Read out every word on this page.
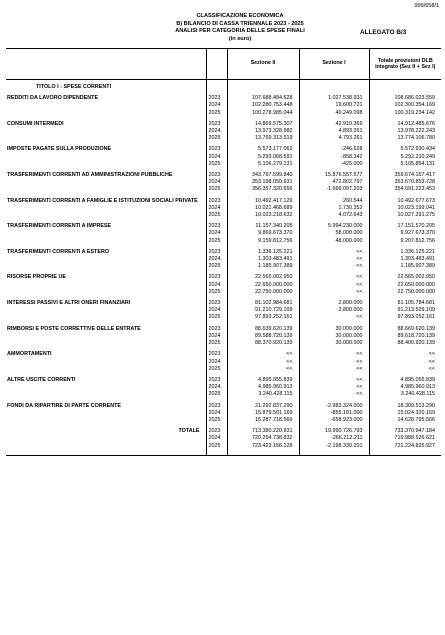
999/658/1
CLASSIFICAZIONE ECONOMICA
B) BILANCIO DI CASSA TRIENNALE 2023 - 2025
ANALISI PER CATEGORIA DELLE SPESE FINALI
(in euro)
ALLEGATO B/3
		Sezione II	Sezione I	Totale previsioni DLB integrato (Sez II + Sez I)

TITOLO I - SPESE CORRENTI				

REDDITI DA LAVORO DIPENDENTE	2023	107.688.484.628	1.027.538.931	108.686.023.559
	2024	102.280.753.448	19.600.721	102.300.354.169
	2025	100.278.985.044	40.249.098	100.319.234.142

CONSUMI INTERMEDI	2023	14.869.575.307	42.910.369	14.912.485.676
	2024	13.973.328.982	4.893.261	13.978.222.243
	2025	13.769.313.519	4.793.261	13.774.106.780

IMPOSTE PAGATE SULLA PRODUZIONE	2023	5.573.177.062	-246.628	5.572.930.434
	2024	5.293.068.591	-858.342	5.292.210.249
	2025	5.106.279.131	-425.000	5.105.854.131

TRASFERIMENTI CORRENTI AD AMMINISTRAZIONI PUBBLICHE	2023	343.797.599.840	15.876.557.577	359.674.157.417
	2024	353.198.050.931	472.802.797	353.670.853.728
	2025	356.357.320.656	-1.666.097.203	354.691.223.453

TRASFERIMENTI CORRENTI A FAMIGLIE E ISTITUZIONI SOCIALI PRIVATE	2023	10.492.417.129	260.544	10.492.677.673
	2024	10.021.468.689	1.730.352	10.023.199.041
	2025	10.023.218.632	4.072.643	10.027.291.275

TRASFERIMENTI CORRENTI A IMPRESE	2023	11.157.340.205	5.994.230.000	17.151.570.205
	2024	9.869.673.370	58.000.000	9.927.673.370
	2025	9.159.812.756	48.000.000	9.207.812.756

TRASFERIMENTI CORRENTI A ESTERO	2023	1.336.125.221	<<	1.336.125.221
	2024	1.303.483.491	<<	1.303.483.491
	2025	1.185.907.389	<<	1.185.907.389

RISORSE PROPRIE UE	2023	22.565.002.950	<<	22.565.002.950
	2024	22.650.000.000	<<	22.650.000.000
	2025	22.750.000.000	<<	22.750.000.000

INTERESSI PASSIVI E ALTRI ONERI FINANZIARI	2023	81.102.984.681	2.800.000	81.105.784.681
	2024	91.210.729.109	2.800.000	91.213.529.109
	2025	97.893.252.161	<<	97.893.252.161

RIMBORSI E POSTE CORRETTIVE DELLE ENTRATE	2023	88.639.620.139	30.000.000	88.669.620.139
	2024	89.588.720.139	30.000.000	89.618.720.139
	2025	88.370.920.139	30.000.000	88.400.920.139

AMMORTAMENTI	2023	<<	<<	<<
	2024	<<	<<	<<
	2025	<<	<<	<<

ALTRE USCITE CORRENTI	2023	4.895.055.839	<<	4.895.055.839
	2024	4.985.960.913	<<	4.985.960.913
	2025	3.240.428.115	<<	3.240.428.115

FONDI DA RIPARTIRE DI PARTE CORRENTE	2023	21.292.837.290	-2.983.324.000	18.309.513.290
	2024	15.879.501.169	-855.181.000	15.024.320.169
	2025	15.287.718.566	-658.923.000	14.628.795.566

TOTALE	2023	713.380.220.931	19.990.726.793	733.370.947.184
	2024	720.254.738.832	-266.212.211	719.988.526.621
	2025	723.423.156.128	-2.198.330.201	721.224.825.927
